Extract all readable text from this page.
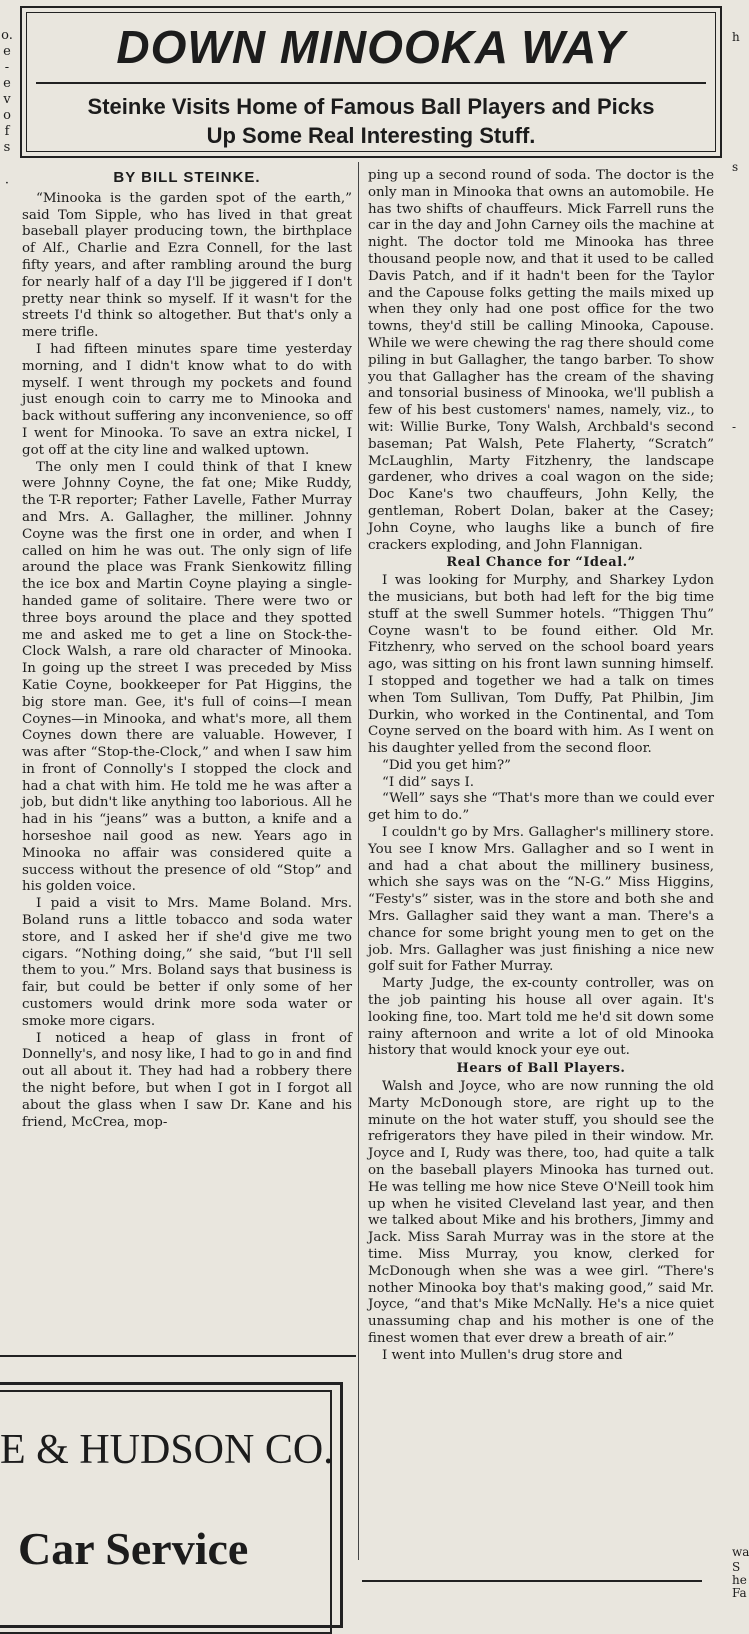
o.
e
-
e
v
o
f
s
·
h
s
-
wa
S
he
Fa
DOWN MINOOKA WAY
Steinke Visits Home of Famous Ball Players and Picks
Up Some Real Interesting Stuff.
BY BILL STEINKE.

“Minooka is the garden spot of the earth,” said Tom Sipple, who has lived in that great baseball player producing town, the birthplace of Alf., Charlie and Ezra Connell, for the last fifty years, and after rambling around the burg for nearly half of a day I'll be jiggered if I don't pretty near think so myself. If it wasn't for the streets I'd think so altogether. But that's only a mere trifle.

I had fifteen minutes spare time yesterday morning, and I didn't know what to do with myself. I went through my pockets and found just enough coin to carry me to Minooka and back without suffering any inconvenience, so off I went for Minooka. To save an extra nickel, I got off at the city line and walked uptown.

The only men I could think of that I knew were Johnny Coyne, the fat one; Mike Ruddy, the T-R reporter; Father Lavelle, Father Murray and Mrs. A. Gallagher, the milliner. Johnny Coyne was the first one in order, and when I called on him he was out. The only sign of life around the place was Frank Sienkowitz filling the ice box and Martin Coyne playing a single-handed game of solitaire. There were two or three boys around the place and they spotted me and asked me to get a line on Stock-the-Clock Walsh, a rare old character of Minooka. In going up the street I was preceded by Miss Katie Coyne, bookkeeper for Pat Higgins, the big store man. Gee, it's full of coins—I mean Coynes—in Minooka, and what's more, all them Coynes down there are valuable. However, I was after “Stop-the-Clock,” and when I saw him in front of Connolly's I stopped the clock and had a chat with him. He told me he was after a job, but didn't like anything too laborious. All he had in his “jeans” was a button, a knife and a horseshoe nail good as new. Years ago in Minooka no affair was considered quite a success without the presence of old “Stop” and his golden voice.

I paid a visit to Mrs. Mame Boland. Mrs. Boland runs a little tobacco and soda water store, and I asked her if she'd give me two cigars. “Nothing doing,” she said, “but I'll sell them to you.” Mrs. Boland says that business is fair, but could be better if only some of her customers would drink more soda water or smoke more cigars.

I noticed a heap of glass in front of Donnelly's, and nosy like, I had to go in and find out all about it. They had had a robbery there the night before, but when I got in I forgot all about the glass when I saw Dr. Kane and his friend, McCrea, mop-

ping up a second round of soda. The doctor is the only man in Minooka that owns an automobile. He has two shifts of chauffeurs. Mick Farrell runs the car in the day and John Carney oils the machine at night. The doctor told me Minooka has three thousand people now, and that it used to be called Davis Patch, and if it hadn't been for the Taylor and the Capouse folks getting the mails mixed up when they only had one post office for the two towns, they'd still be calling Minooka, Capouse. While we were chewing the rag there should come piling in but Gallagher, the tango barber. To show you that Gallagher has the cream of the shaving and tonsorial business of Minooka, we'll publish a few of his best customers' names, namely, viz., to wit: Willie Burke, Tony Walsh, Archbald's second baseman; Pat Walsh, Pete Flaherty, “Scratch” McLaughlin, Marty Fitzhenry, the landscape gardener, who drives a coal wagon on the side; Doc Kane's two chauffeurs, John Kelly, the gentleman, Robert Dolan, baker at the Casey; John Coyne, who laughs like a bunch of fire crackers exploding, and John Flannigan.

Real Chance for “Ideal.”

I was looking for Murphy, and Sharkey Lydon the musicians, but both had left for the big time stuff at the swell Summer hotels. “Thiggen Thu” Coyne wasn't to be found either. Old Mr. Fitzhenry, who served on the school board years ago, was sitting on his front lawn sunning himself. I stopped and together we had a talk on times when Tom Sullivan, Tom Duffy, Pat Philbin, Jim Durkin, who worked in the Continental, and Tom Coyne served on the board with him. As I went on his daughter yelled from the second floor.

“Did you get him?”

“I did” says I.

“Well” says she “That's more than we could ever get him to do.”

I couldn't go by Mrs. Gallagher's millinery store. You see I know Mrs. Gallagher and so I went in and had a chat about the millinery business, which she says was on the “N-G.” Miss Higgins, “Festy's” sister, was in the store and both she and Mrs. Gallagher said they want a man. There's a chance for some bright young men to get on the job. Mrs. Gallagher was just finishing a nice new golf suit for Father Murray.

Marty Judge, the ex-county controller, was on the job painting his house all over again. It's looking fine, too. Mart told me he'd sit down some rainy afternoon and write a lot of old Minooka history that would knock your eye out.

Hears of Ball Players.

Walsh and Joyce, who are now running the old Marty McDonough store, are right up to the minute on the hot water stuff, you should see the refrigerators they have piled in their window. Mr. Joyce and I, Rudy was there, too, had quite a talk on the baseball players Minooka has turned out. He was telling me how nice Steve O'Neill took him up when he visited Cleveland last year, and then we talked about Mike and his brothers, Jimmy and Jack. Miss Sarah Murray was in the store at the time. Miss Murray, you know, clerked for McDonough when she was a wee girl. “There's nother Minooka boy that's making good,” said Mr. Joyce, “and that's Mike McNally. He's a nice quiet unassuming chap and his mother is one of the finest women that ever drew a breath of air.”

I went into Mullen's drug store and

E & HUDSON CO.
Car Service
